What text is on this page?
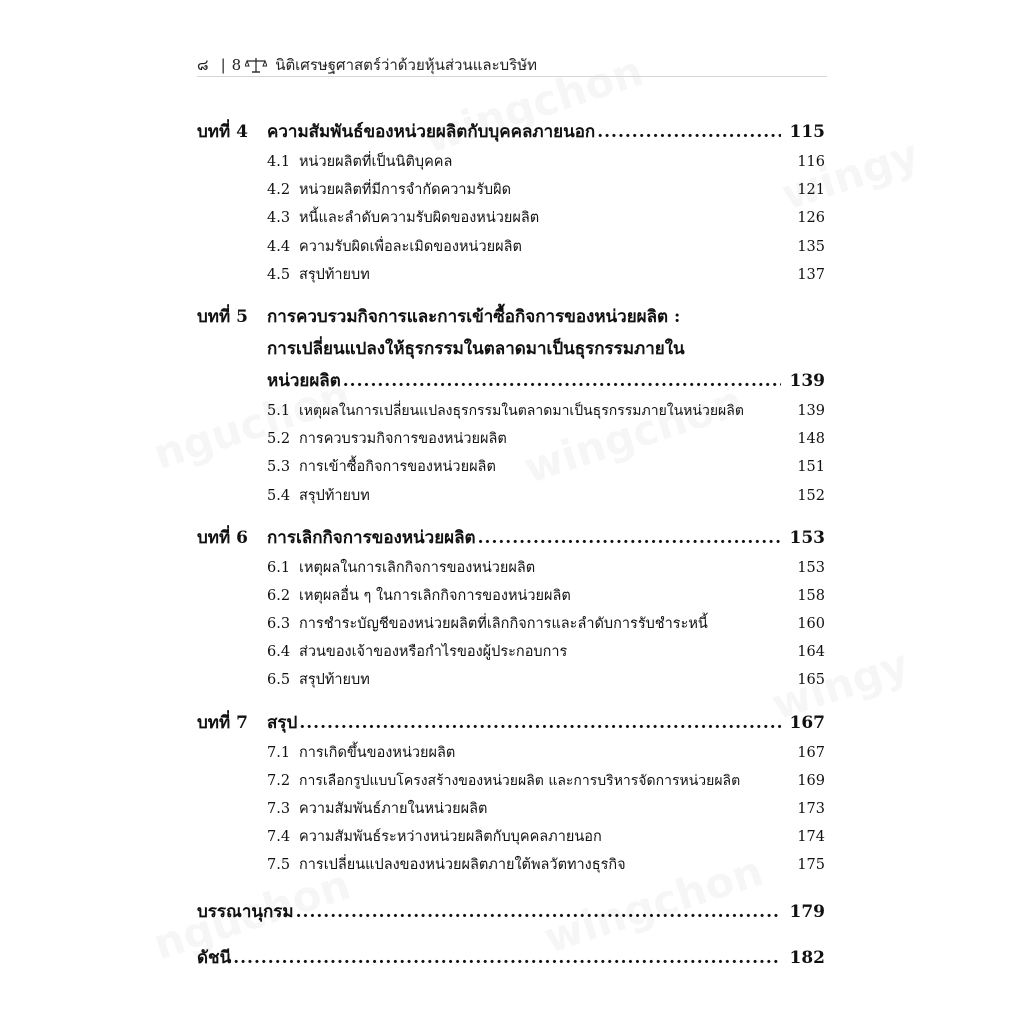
๘ | 8 นิติเศรษฐศาสตร์ว่าด้วยหุ้นส่วนและบริษัท
บทที่ 4	ความสัมพันธ์ของหน่วยผลิตกับบุคคลภายนอก .....	115
4.1 หน่วยผลิตที่เป็นนิติบุคคล	116
4.2 หน่วยผลิตที่มีการจำกัดความรับผิด	121
4.3 หนี้และลำดับความรับผิดของหน่วยผลิต	126
4.4 ความรับผิดเพื่อละเมิดของหน่วยผลิต	135
4.5 สรุปท้ายบท	137
บทที่ 5	การควบรวมกิจการและการเข้าซื้อกิจการของหน่วยผลิต :
การเปลี่ยนแปลงให้ธุรกรรมในตลาดมาเป็นธุรกรรมภายใน
หน่วยผลิต .....	139
5.1 เหตุผลในการเปลี่ยนแปลงธุรกรรมในตลาดมาเป็นธุรกรรมภายในหน่วยผลิต	139
5.2 การควบรวมกิจการของหน่วยผลิต	148
5.3 การเข้าซื้อกิจการของหน่วยผลิต	151
5.4 สรุปท้ายบท	152
บทที่ 6	การเลิกกิจการของหน่วยผลิต .....	153
6.1 เหตุผลในการเลิกกิจการของหน่วยผลิต	153
6.2 เหตุผลอื่น ๆ ในการเลิกกิจการของหน่วยผลิต	158
6.3 การชำระบัญชีของหน่วยผลิตที่เลิกกิจการและลำดับการรับชำระหนี้	160
6.4 ส่วนของเจ้าของหรือกำไรของผู้ประกอบการ	164
6.5 สรุปท้ายบท	165
บทที่ 7	สรุป .....	167
7.1 การเกิดขึ้นของหน่วยผลิต	167
7.2 การเลือกรูปแบบโครงสร้างของหน่วยผลิต และการบริหารจัดการหน่วยผลิต	169
7.3 ความสัมพันธ์ภายในหน่วยผลิต	173
7.4 ความสัมพันธ์ระหว่างหน่วยผลิตกับบุคคลภายนอก	174
7.5 การเปลี่ยนแปลงของหน่วยผลิตภายใต้พลวัตทางธุรกิจ	175
บรรณานุกรม .....	179
ดัชนี .....	182
